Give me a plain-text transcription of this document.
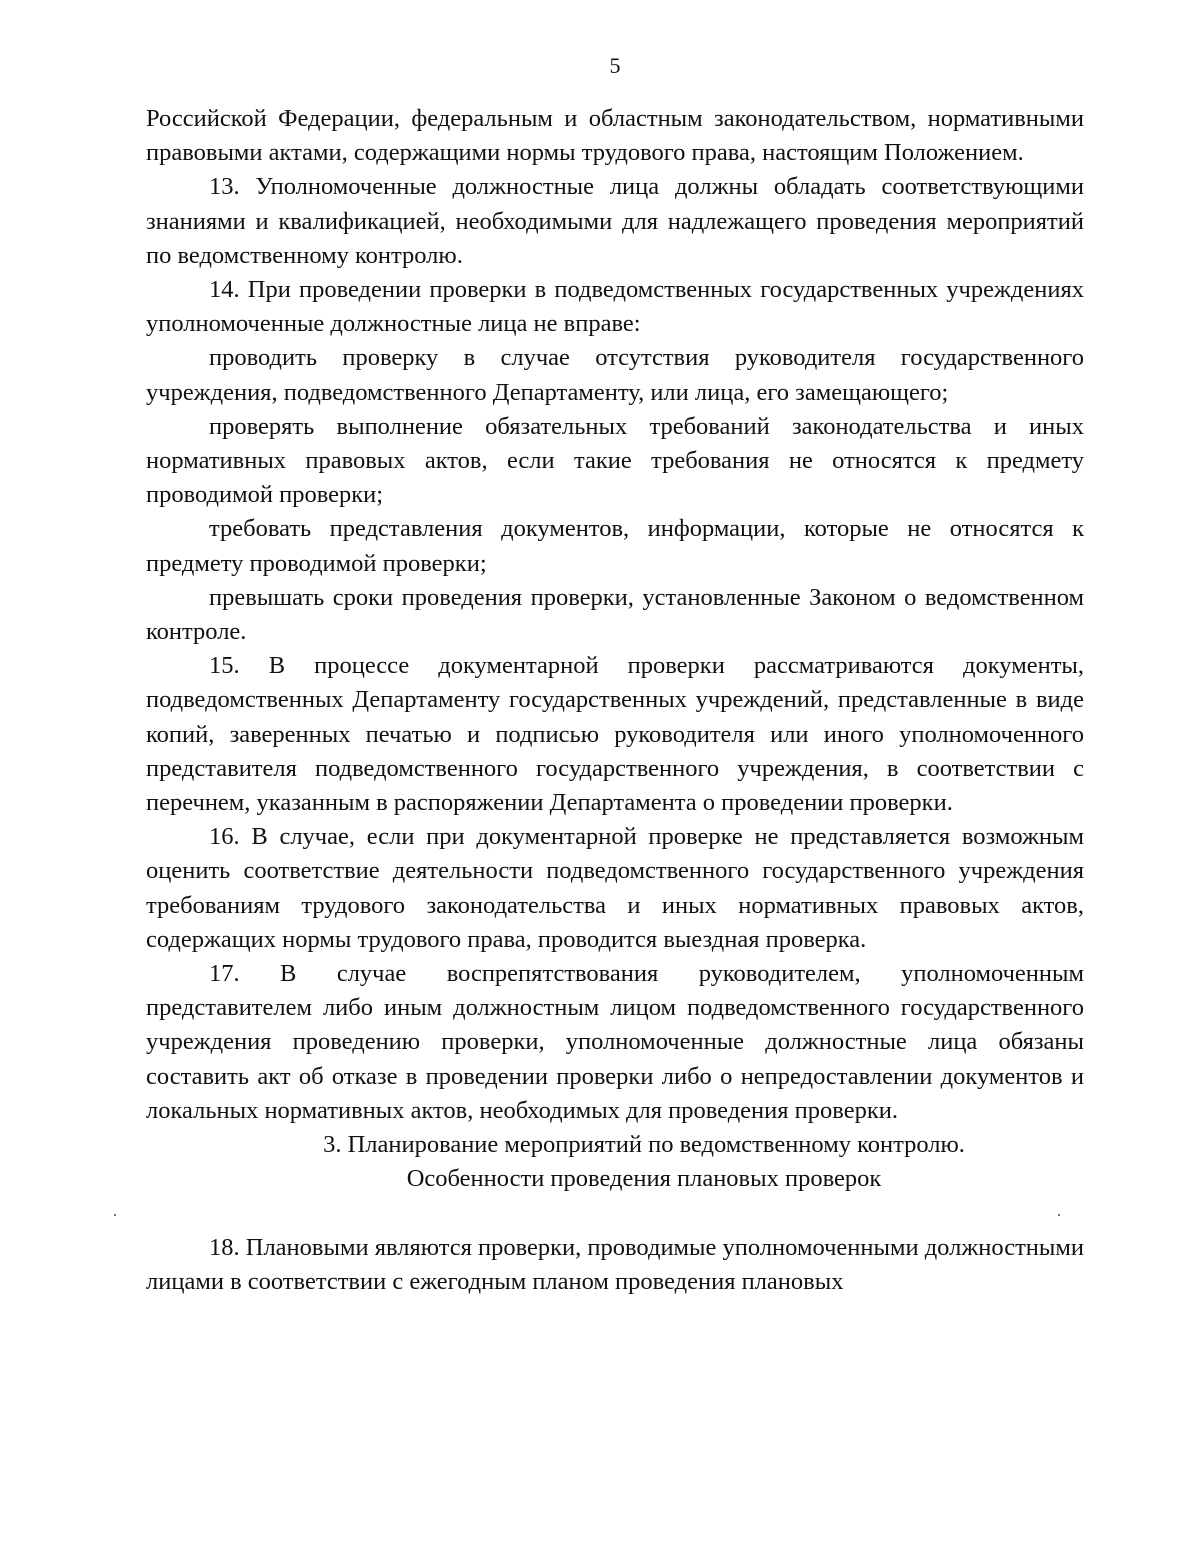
5

Российской Федерации, федеральным и областным законодательством, нормативными правовыми актами, содержащими нормы трудового права, настоящим Положением.

13. Уполномоченные должностные лица должны обладать соответствующими знаниями и квалификацией, необходимыми для надлежащего проведения мероприятий по ведомственному контролю.

14. При проведении проверки в подведомственных государственных учреждениях уполномоченные должностные лица не вправе:

проводить проверку в случае отсутствия руководителя государственного учреждения, подведомственного Департаменту, или лица, его замещающего;

проверять выполнение обязательных требований законодательства и иных нормативных правовых актов, если такие требования не относятся к предмету проводимой проверки;

требовать представления документов, информации, которые не относятся к предмету проводимой проверки;

превышать сроки проведения проверки, установленные Законом о ведомственном контроле.

15. В процессе документарной проверки рассматриваются документы, подведомственных Департаменту государственных учреждений, представленные в виде копий, заверенных печатью и подписью руководителя или иного уполномоченного представителя подведомственного государственного учреждения, в соответствии с перечнем, указанным в распоряжении Департамента о проведении проверки.

16. В случае, если при документарной проверке не представляется возможным оценить соответствие деятельности подведомственного государственного учреждения требованиям трудового законодательства и иных нормативных правовых актов, содержащих нормы трудового права, проводится выездная проверка.

17. В случае воспрепятствования руководителем, уполномоченным представителем либо иным должностным лицом подведомственного государственного учреждения проведению проверки, уполномоченные должностные лица обязаны составить акт об отказе в проведении проверки либо о непредоставлении документов и локальных нормативных актов, необходимых для проведения проверки.

3. Планирование мероприятий по ведомственному контролю.

Особенности проведения плановых проверок

18. Плановыми являются проверки, проводимые уполномоченными должностными лицами в соответствии с ежегодным планом проведения плановых
